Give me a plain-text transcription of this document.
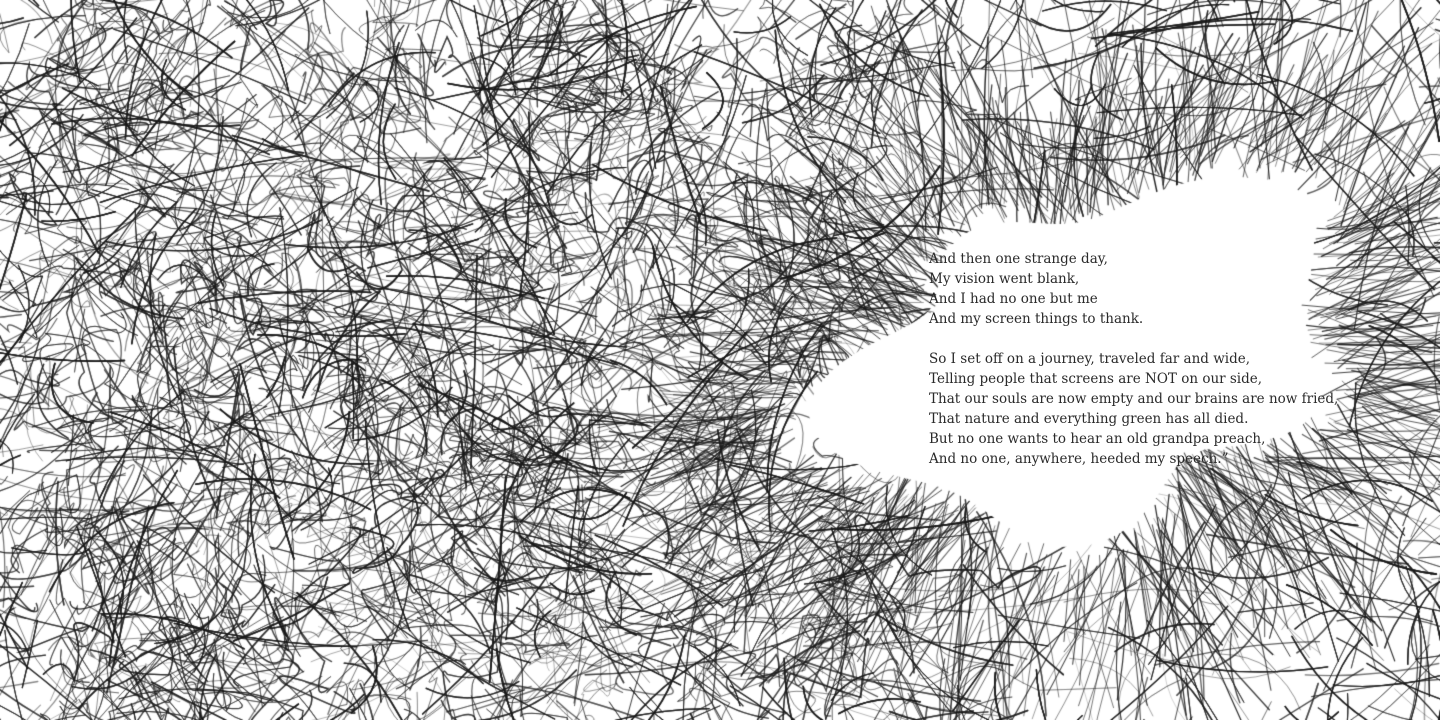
And then one strange day,
My vision went blank,
And I had no one but me
And my screen things to thank.
So I set off on a journey, traveled far and wide,
Telling people that screens are NOT on our side,
That our souls are now empty and our brains are now fried,
That nature and everything green has all died.
But no one wants to hear an old grandpa preach,
And no one, anywhere, heeded my speech.”
